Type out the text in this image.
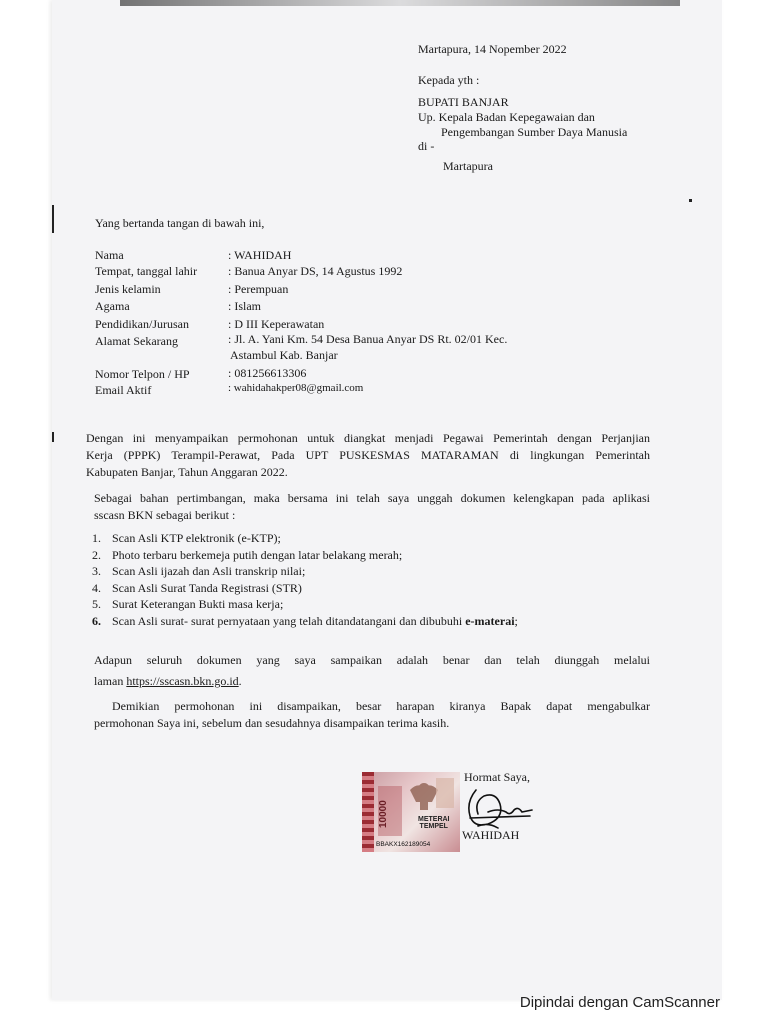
Martapura, 14 Nopember 2022
Kepada yth :
BUPATI BANJAR
Up. Kepala Badan Kepegawaian dan
Pengembangan Sumber Daya Manusia
di -
Martapura
Yang bertanda tangan di bawah ini,
Nama	: WAHIDAH
Tempat, tanggal lahir	: Banua Anyar DS, 14 Agustus 1992
Jenis kelamin	: Perempuan
Agama	: Islam
Pendidikan/Jurusan	: D III Keperawatan
Alamat Sekarang	: Jl. A. Yani Km. 54 Desa Banua Anyar DS Rt. 02/01 Kec.
Astambul Kab. Banjar
Nomor Telpon / HP	: 081256613306
Email Aktif	: wahidahakper08@gmail.com
Dengan ini menyampaikan permohonan untuk diangkat menjadi Pegawai Pemerintah dengan Perjanjian
Kerja (PPPK) Terampil-Perawat, Pada UPT PUSKESMAS MATARAMAN di lingkungan Pemerintah
Kabupaten Banjar, Tahun Anggaran 2022.
Sebagai bahan pertimbangan, maka bersama ini telah saya unggah dokumen kelengkapan pada aplikasi
sscasn BKN sebagai berikut :
1. Scan Asli KTP elektronik (e-KTP);
2. Photo terbaru berkemeja putih dengan latar belakang merah;
3. Scan Asli ijazah dan Asli transkrip nilai;
4. Scan Asli Surat Tanda Registrasi (STR)
5. Surat Keterangan Bukti masa kerja;
6. Scan Asli surat- surat pernyataan yang telah ditandatangani dan dibubuhi e-materai;
Adapun seluruh dokumen yang saya sampaikan adalah benar dan telah diunggah melalui
laman https://sscasn.bkn.go.id.
Demikian permohonan ini disampaikan, besar harapan kiranya Bapak dapat mengabulkar
permohonan Saya ini, sebelum dan sesudahnya disampaikan terima kasih.
Hormat Saya,
10000	METERAI
TEMPEL
BBAKX162189054
WAHIDAH
Dipindai dengan CamScanner
